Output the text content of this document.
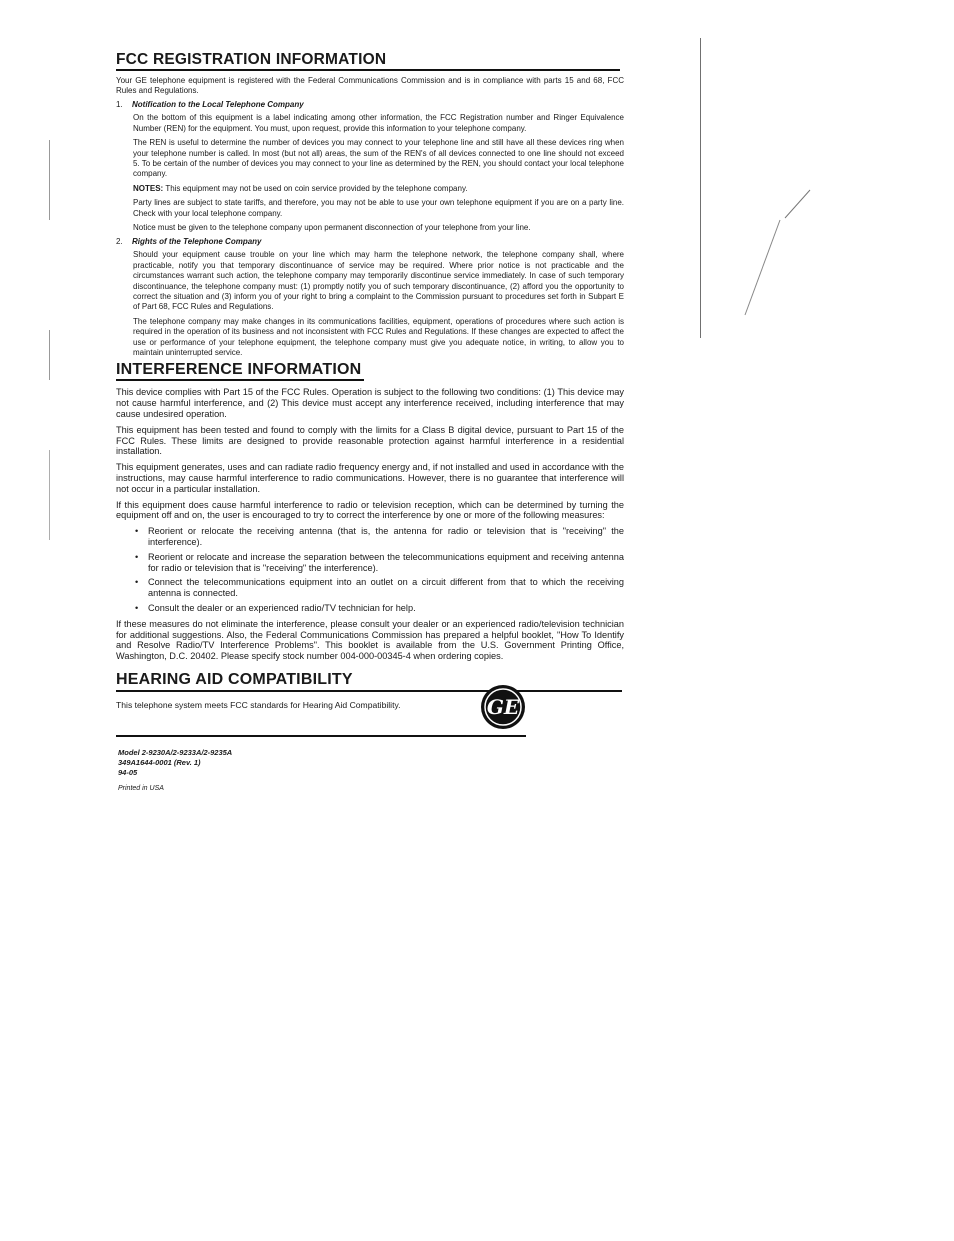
FCC REGISTRATION INFORMATION

Your GE telephone equipment is registered with the Federal Communications Commission and is in compliance with parts 15 and 68, FCC Rules and Regulations.

1. Notification to the Local Telephone Company

On the bottom of this equipment is a label indicating among other information, the FCC Registration number and Ringer Equivalence Number (REN) for the equipment. You must, upon request, provide this information to your telephone company.

The REN is useful to determine the number of devices you may connect to your telephone line and still have all these devices ring when your telephone number is called. In most (but not all) areas, the sum of the REN's of all devices connected to one line should not exceed 5. To be certain of the number of devices you may connect to your line as determined by the REN, you should contact your local telephone company.

NOTES: This equipment may not be used on coin service provided by the telephone company.

Party lines are subject to state tariffs, and therefore, you may not be able to use your own telephone equipment if you are on a party line. Check with your local telephone company.

Notice must be given to the telephone company upon permanent disconnection of your telephone from your line.

2. Rights of the Telephone Company

Should your equipment cause trouble on your line which may harm the telephone network, the telephone company shall, where practicable, notify you that temporary discontinuance of service may be required. Where prior notice is not practicable and the circumstances warrant such action, the telephone company may temporarily discontinue service immediately. In case of such temporary discontinuance, the telephone company must: (1) promptly notify you of such temporary discontinuance, (2) afford you the opportunity to correct the situation and (3) inform you of your right to bring a complaint to the Commission pursuant to procedures set forth in Subpart E of Part 68, FCC Rules and Regulations.

The telephone company may make changes in its communications facilities, equipment, operations of procedures where such action is required in the operation of its business and not inconsistent with FCC Rules and Regulations. If these changes are expected to affect the use or performance of your telephone equipment, the telephone company must give you adequate notice, in writing, to allow you to maintain uninterrupted service.

INTERFERENCE INFORMATION

This device complies with Part 15 of the FCC Rules. Operation is subject to the following two conditions: (1) This device may not cause harmful interference, and (2) This device must accept any interference received, including interference that may cause undesired operation.

This equipment has been tested and found to comply with the limits for a Class B digital device, pursuant to Part 15 of the FCC Rules. These limits are designed to provide reasonable protection against harmful interference in a residential installation.

This equipment generates, uses and can radiate radio frequency energy and, if not installed and used in accordance with the instructions, may cause harmful interference to radio communications. However, there is no guarantee that interference will not occur in a particular installation.

If this equipment does cause harmful interference to radio or television reception, which can be determined by turning the equipment off and on, the user is encouraged to try to correct the interference by one or more of the following measures:

• Reorient or relocate the receiving antenna (that is, the antenna for radio or television that is "receiving" the interference).
• Reorient or relocate and increase the separation between the telecommunications equipment and receiving antenna for radio or television that is "receiving" the interference).
• Connect the telecommunications equipment into an outlet on a circuit different from that to which the receiving antenna is connected.
• Consult the dealer or an experienced radio/TV technician for help.

If these measures do not eliminate the interference, please consult your dealer or an experienced radio/television technician for additional suggestions. Also, the Federal Communications Commission has prepared a helpful booklet, "How To Identify and Resolve Radio/TV Interference Problems". This booklet is available from the U.S. Government Printing Office, Washington, D.C. 20402. Please specify stock number 004-000-00345-4 when ordering copies.

HEARING AID COMPATIBILITY

This telephone system meets FCC standards for Hearing Aid Compatibility.	GE
Model 2-9230A/2-9233A/2-9235A
349A1644-0001 (Rev. 1)
94-05
Printed in USA
